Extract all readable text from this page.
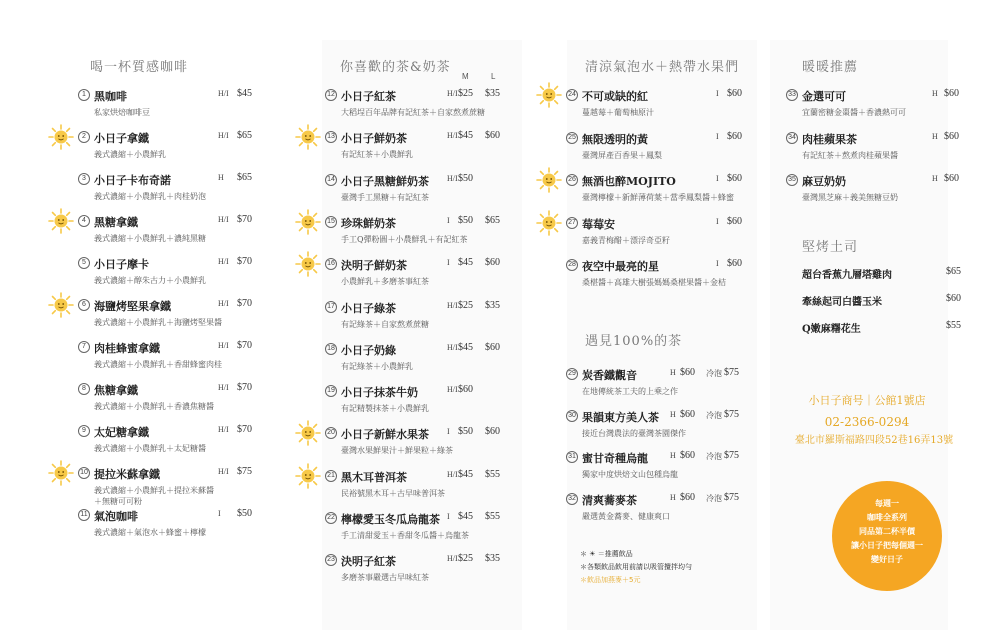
喝一杯質感咖啡	你喜歡的茶&奶茶
M	L
清涼氣泡水＋熱帶水果們	暖暖推薦
堅烤土司
遇見100%的茶
1 黑咖啡
私家烘焙咖啡豆
H/I $45
2 小日子拿鐵
義式濃縮＋小農鮮乳
H/I $65
3 小日子卡布奇諾
義式濃縮＋小農鮮乳＋肉桂奶泡
H $65
4 黑糖拿鐵
義式濃縮＋小農鮮乳＋濃純黑糖
H/I $70
5 小日子摩卡
義式濃縮＋醇朱古力＋小農鮮乳
H/I $70
6 海鹽烤堅果拿鐵
義式濃縮＋小農鮮乳＋海鹽烤堅果醬
H/I $70
7 肉桂蜂蜜拿鐵
義式濃縮＋小農鮮乳＋香甜蜂蜜肉桂
H/I $70
8 焦糖拿鐵
義式濃縮＋小農鮮乳＋香濃焦糖醬
H/I $70
9 太妃糖拿鐵
義式濃縮＋小農鮮乳＋太妃糖醬
H/I $70
10 提拉米蘇拿鐵
義式濃縮＋小農鮮乳＋提拉米蘇醬
＋無糖可可粉
H/I $75
11 氣泡咖啡
義式濃縮＋氣泡水＋蜂蜜＋檸檬
I $50
12 小日子紅茶
大稻埕百年品牌有記紅茶＋自家熬煮蔗糖
H/I $25 $35
13 小日子鮮奶茶
有記紅茶＋小農鮮乳
H/I $45 $60
14 小日子黑糖鮮奶茶
臺灣手工黑糖＋有記紅茶
H/I $50
15 珍珠鮮奶茶
手工Q彈粉圓＋小農鮮乳＋有記紅茶
I $50 $65
16 決明子鮮奶茶
小農鮮乳＋多磨茶事紅茶
I $45 $60
17 小日子綠茶
有記綠茶＋自家熬煮蔗糖
H/I $25 $35
18 小日子奶綠
有記綠茶＋小農鮮乳
H/I $45 $60
19 小日子抹茶牛奶
有記精製抹茶＋小農鮮乳
H/I $60
20 小日子新鮮水果茶
臺灣水果鮮果汁＋鮮果粒＋綠茶
I $50 $60
21 黑木耳普洱茶
民裕號黑木耳＋古早味普洱茶
H/I $45 $55
22 檸檬愛玉冬瓜烏龍茶
手工清甜愛玉＋香甜冬瓜醬＋烏龍茶
I $45 $55
23 決明子紅茶
多磨茶事嚴選古早味紅茶
H/I $25 $35
24 不可或缺的紅
蔓越莓＋葡萄柚原汁
I $60
25 無限透明的黃
臺灣屏產百香果＋鳳梨
I $60
26 無酒也醉MOJITO
臺灣檸檬＋新鮮薄荷葉＋當季鳳梨醬＋蜂蜜
I $60
27 莓莓安
嘉義青梅醋＋漂浮奇亞籽
I $60
28 夜空中最亮的星
桑椹醬＋高雄大樹張媽媽桑椹果醬＋金桔
I $60
29 炭香鐵觀音
在地傳統茶工夫的上乘之作
H $60 冷泡 $75
30 果韻東方美人茶
接近台灣農法的臺灣茶園傑作
H $60 冷泡 $75
31 蜜甘奇種烏龍
獨家中度烘焙文山包種烏龍
H $60 冷泡 $75
32 清爽蕎麥茶
嚴選黃金蕎麥、健康爽口
H $60 冷泡 $75
33 金選可可
宜蘭密糖金棗醬＋香濃熱可可
H $60
34 肉桂蘋果茶
有記紅茶＋熬煮肉桂蘋果醬
H $60
35 麻豆奶奶
臺灣黑芝麻＋義美無糖豆奶
H $60
超台香蕉九層塔雞肉	$65
牽絲起司白醬玉米	$60
Q嫩麻糬花生	$55
＊ ☀ ＝推薦飲品
＊各類飲品飲用前請以吸管攪拌均勻
＊飲品加燕麥＋5元
小日子商号｜公館1號店
02-2366-0294
臺北市羅斯福路四段52巷16弄13號
每週一
咖啡全系列
同品第二杯半價
讓小日子把每個週一
變好日子
